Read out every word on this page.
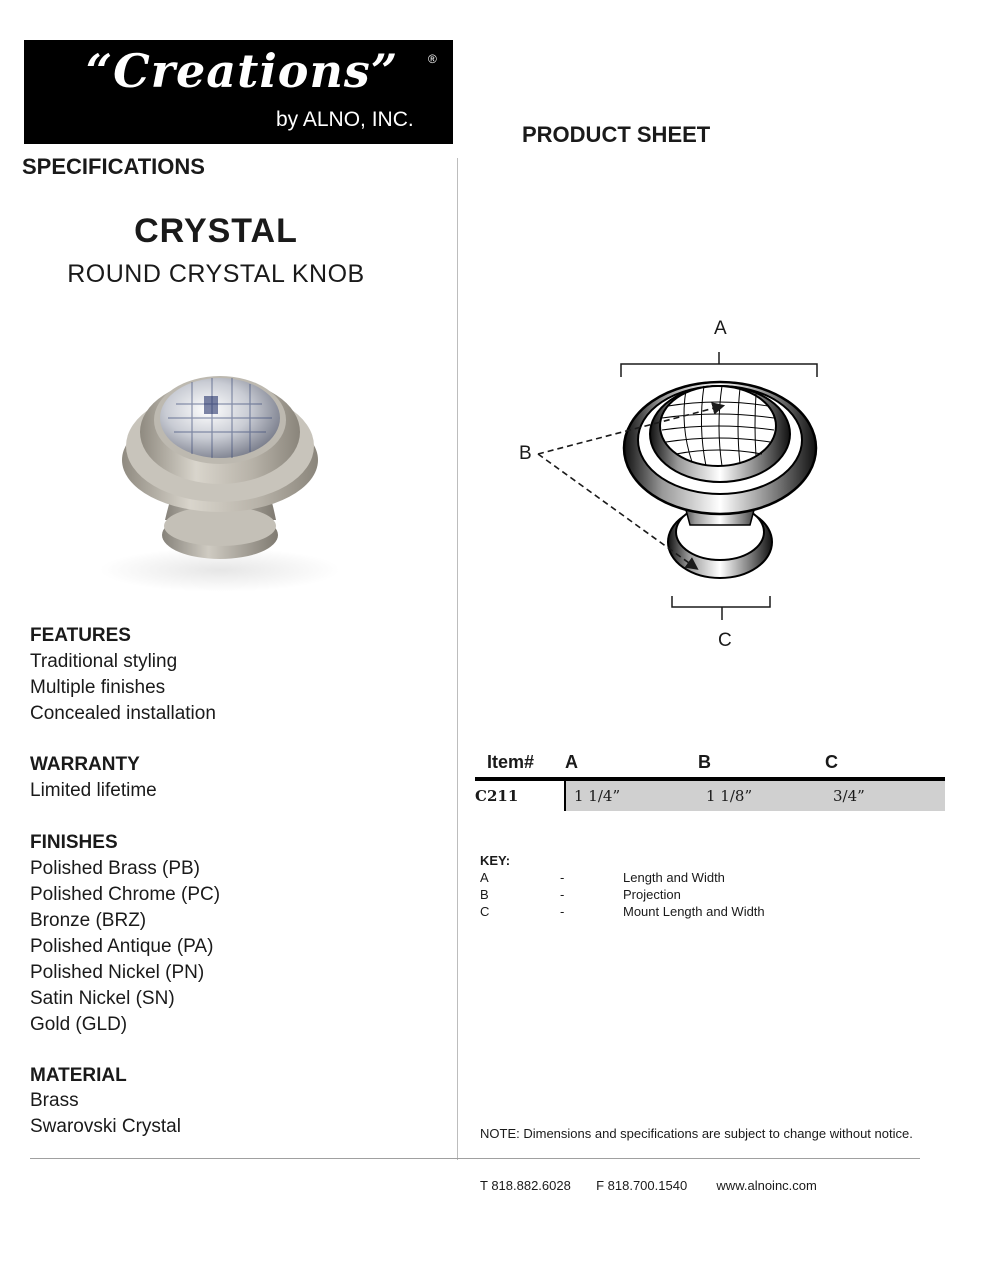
“Creations”	®
by ALNO, INC.
PRODUCT SHEET
SPECIFICATIONS
CRYSTAL
ROUND CRYSTAL KNOB
A
B
C
FEATURES
Traditional styling
Multiple finishes
Concealed installation
WARRANTY
Limited lifetime
FINISHES
Polished Brass (PB)
Polished Chrome (PC)
Bronze (BRZ)
Polished Antique (PA)
Polished Nickel (PN)
Satin Nickel (SN)
Gold (GLD)
MATERIAL
Brass
Swarovski Crystal
Item#	A	B	C
C211	1 1/4”	1 1/8”	3/4”
KEY:
A	-	Length and Width
B	-	Projection
C	-	Mount Length and Width
NOTE: Dimensions and specifications are subject to change without notice.
T 818.882.6028 F 818.700.1540 www.alnoinc.com
